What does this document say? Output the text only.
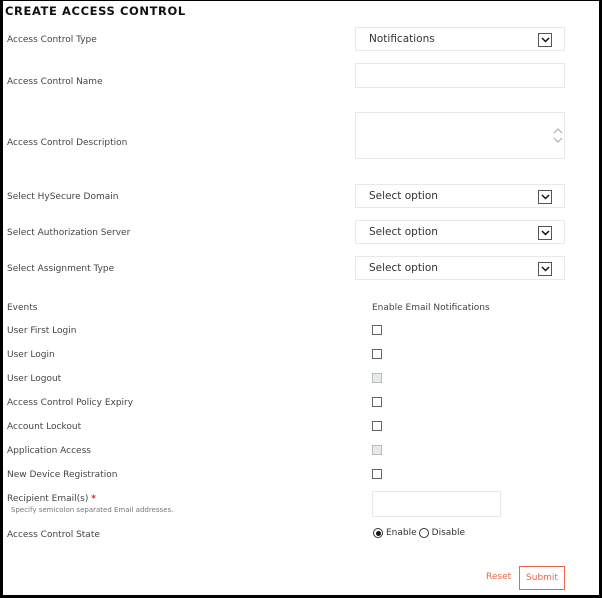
CREATE ACCESS CONTROL
Access Control Type	Notifications
Access Control Name
Access Control Description
Select HySecure Domain	Select option
Select Authorization Server	Select option
Select Assignment Type	Select option
Events	Enable Email Notifications
User First Login
User Login
User Logout
Access Control Policy Expiry
Account Lockout
Application Access
New Device Registration
Recipient Email(s) *
Specify semicolon separated Email addresses.
Access Control State	Enable Disable
Reset	Submit
